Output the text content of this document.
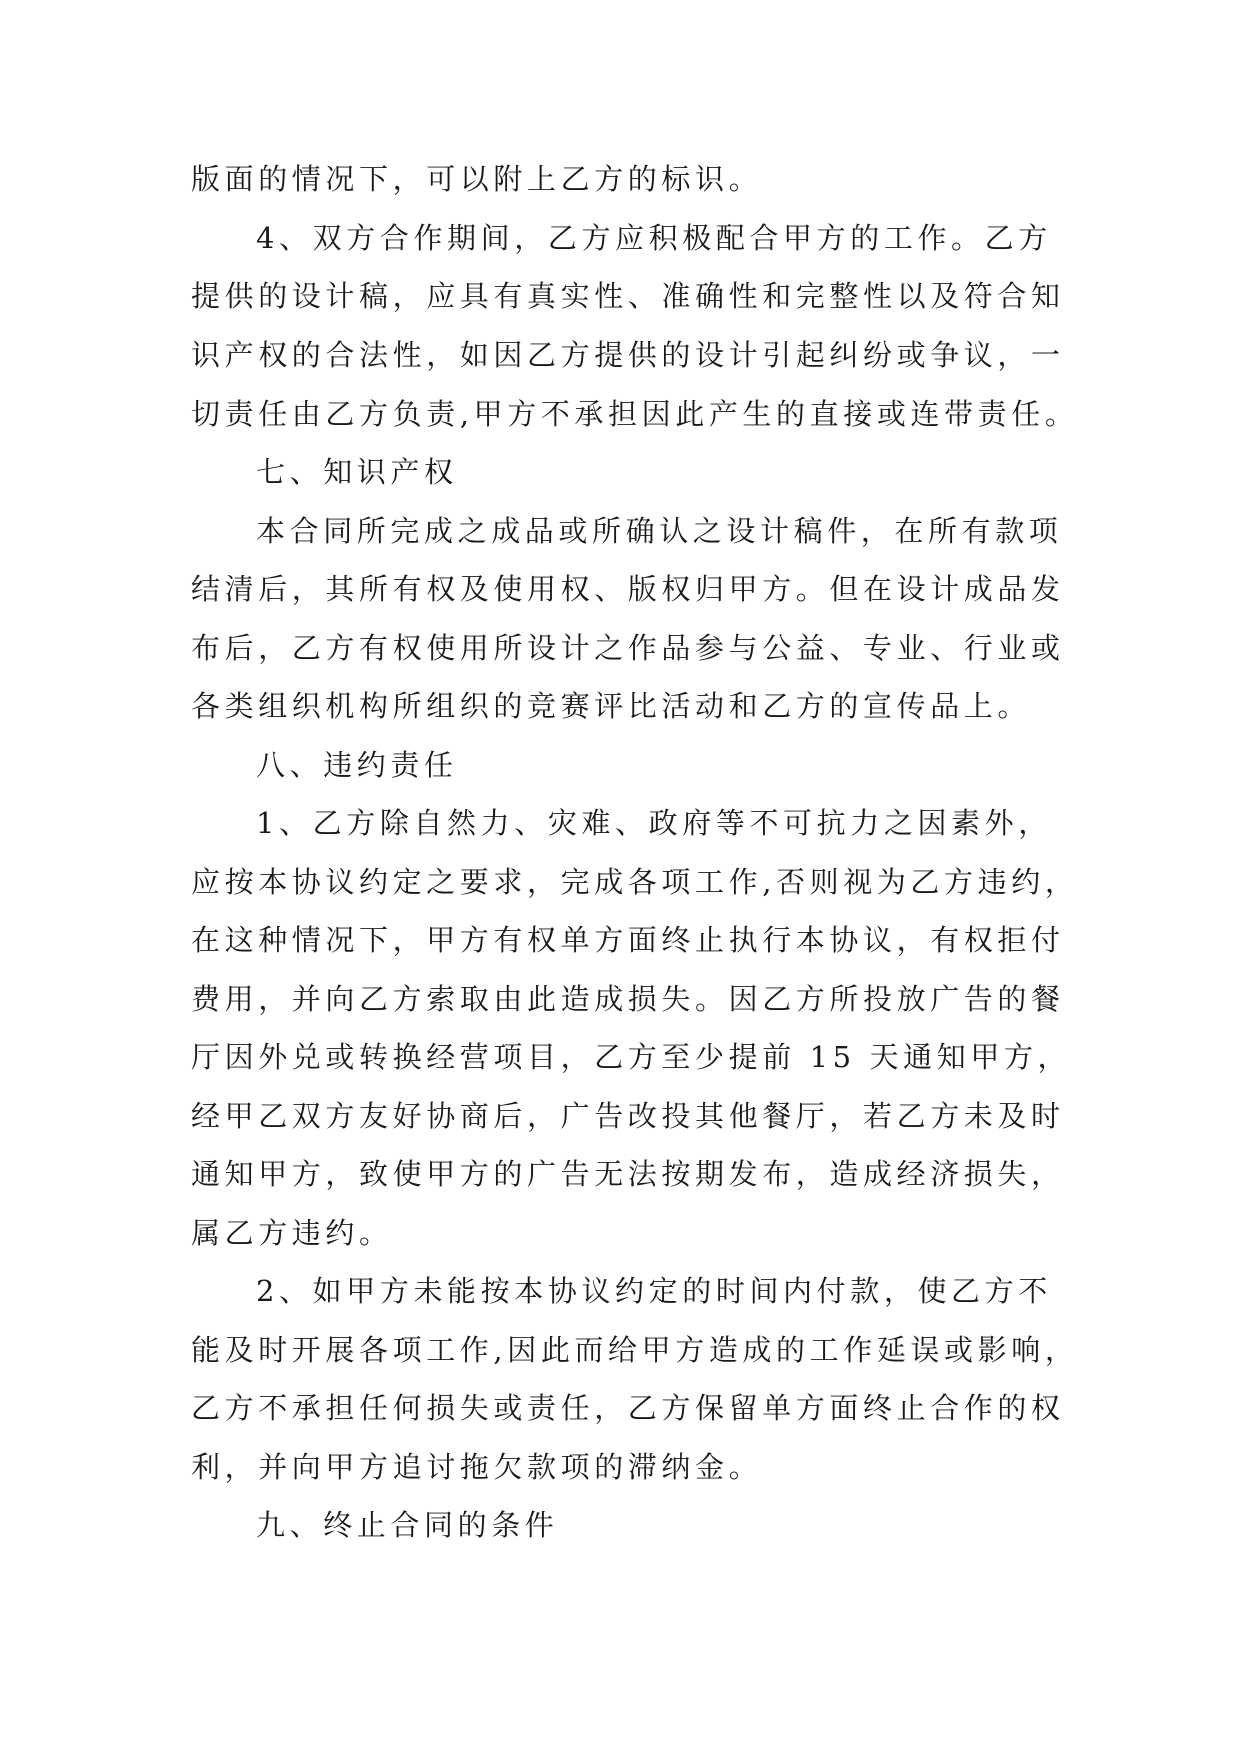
版面的情况下，可以附上乙方的标识。
4、双方合作期间，乙方应积极配合甲方的工作。乙方
提供的设计稿，应具有真实性、准确性和完整性以及符合知
识产权的合法性，如因乙方提供的设计引起纠纷或争议，一
切责任由乙方负责,甲方不承担因此产生的直接或连带责任。
七、知识产权
本合同所完成之成品或所确认之设计稿件，在所有款项
结清后，其所有权及使用权、版权归甲方。但在设计成品发
布后，乙方有权使用所设计之作品参与公益、专业、行业或
各类组织机构所组织的竞赛评比活动和乙方的宣传品上。
八、违约责任
1、乙方除自然力、灾难、政府等不可抗力之因素外，
应按本协议约定之要求，完成各项工作,否则视为乙方违约，
在这种情况下，甲方有权单方面终止执行本协议，有权拒付
费用，并向乙方索取由此造成损失。因乙方所投放广告的餐
厅因外兑或转换经营项目，乙方至少提前 15 天通知甲方，
经甲乙双方友好协商后，广告改投其他餐厅，若乙方未及时
通知甲方，致使甲方的广告无法按期发布，造成经济损失，
属乙方违约。
2、如甲方未能按本协议约定的时间内付款，使乙方不
能及时开展各项工作,因此而给甲方造成的工作延误或影响，
乙方不承担任何损失或责任，乙方保留单方面终止合作的权
利，并向甲方追讨拖欠款项的滞纳金。
九、终止合同的条件
